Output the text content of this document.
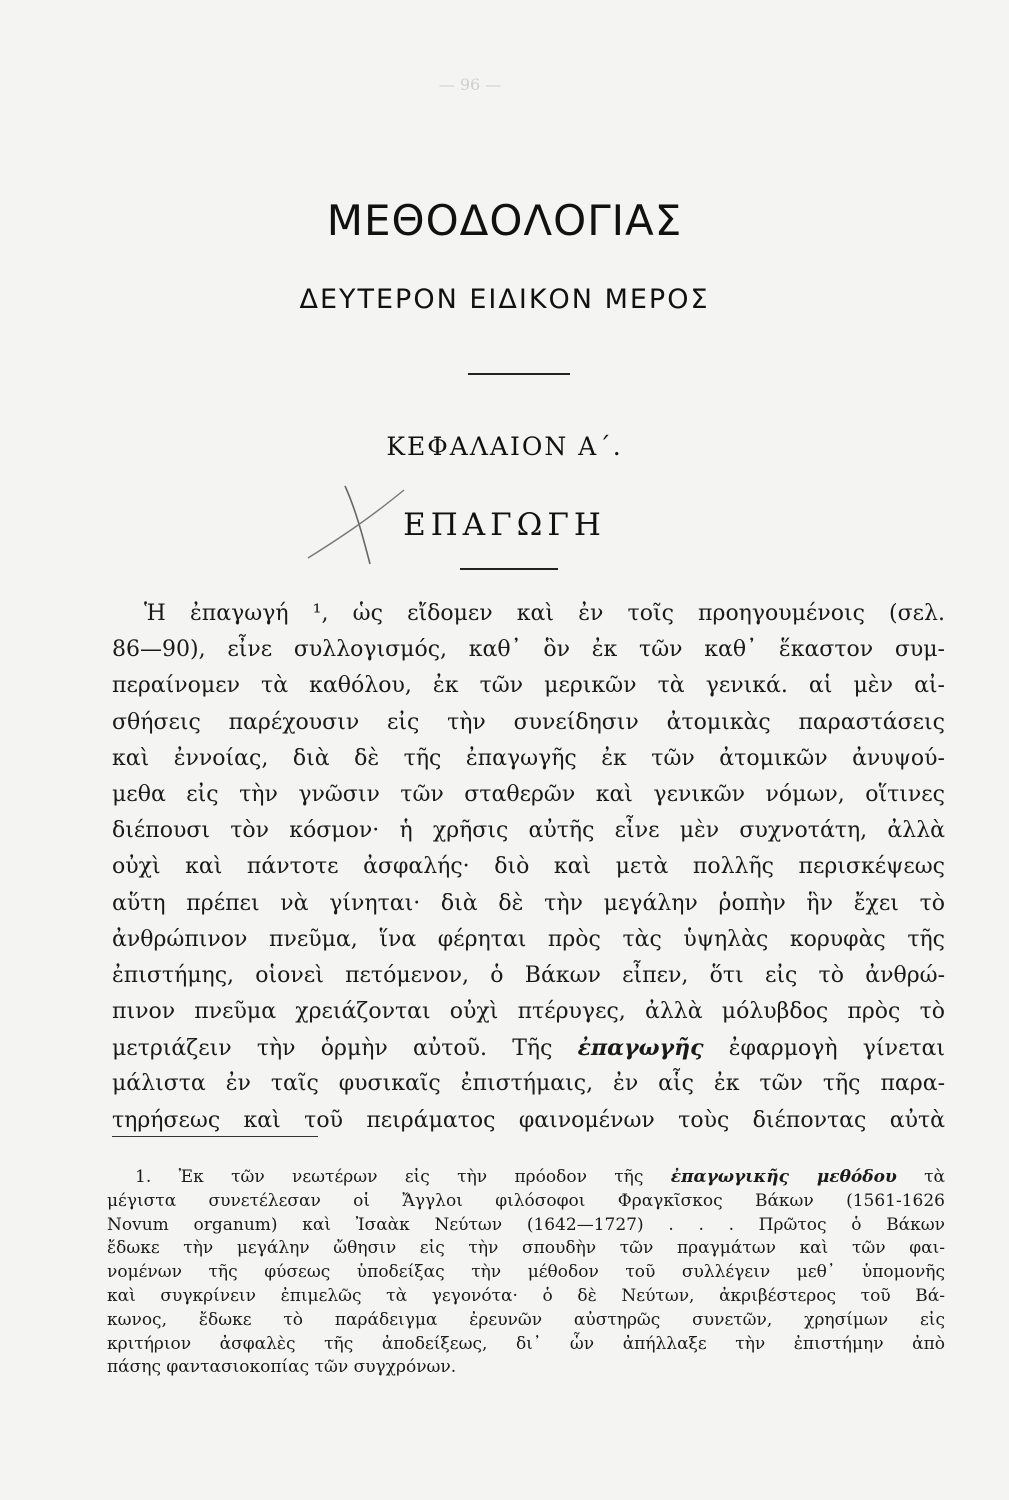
— 96 —
ΜΕΘΟΔΟΛΟΓΙΑΣ
ΔΕΥΤΕΡΟΝ ΕΙΔΙΚΟΝ ΜΕΡΟΣ
ΚΕΦΑΛΑΙΟΝ Α΄.
ΕΠΑΓΩΓΗ
Ἡ ἐπαγωγή ¹, ὡς εἴδομεν καὶ ἐν τοῖς προηγουμένοις (σελ.
86—90), εἶνε συλλογισμός, καθ᾿ ὃν ἐκ τῶν καθ᾿ ἕκαστον συμ-
περαίνομεν τὰ καθόλου, ἐκ τῶν μερικῶν τὰ γενικά. αἱ μὲν αἰ-
σθήσεις παρέχουσιν εἰς τὴν συνείδησιν ἀτομικὰς παραστάσεις
καὶ ἐννοίας, διὰ δὲ τῆς ἐπαγωγῆς ἐκ τῶν ἀτομικῶν ἀνυψού-
μεθα εἰς τὴν γνῶσιν τῶν σταθερῶν καὶ γενικῶν νόμων, οἵτινες
διέπουσι τὸν κόσμον· ἡ χρῆσις αὐτῆς εἶνε μὲν συχνοτάτη, ἀλλὰ
οὐχὶ καὶ πάντοτε ἀσφαλής· διὸ καὶ μετὰ πολλῆς περισκέψεως
αὕτη πρέπει νὰ γίνηται· διὰ δὲ τὴν μεγάλην ῥοπὴν ἣν ἔχει τὸ
ἀνθρώπινον πνεῦμα, ἵνα φέρηται πρὸς τὰς ὑψηλὰς κορυφὰς τῆς
ἐπιστήμης, οἱονεὶ πετόμενον, ὁ Βάκων εἶπεν, ὅτι εἰς τὸ ἀνθρώ-
πινον πνεῦμα χρειάζονται οὐχὶ πτέρυγες, ἀλλὰ μόλυβδος πρὸς τὸ
μετριάζειν τὴν ὁρμὴν αὐτοῦ. Τῆς ἐπαγωγῆς ἐφαρμογὴ γίνεται
μάλιστα ἐν ταῖς φυσικαῖς ἐπιστήμαις, ἐν αἷς ἐκ τῶν τῆς παρα-
τηρήσεως καὶ τοῦ πειράματος φαινομένων τοὺς διέποντας αὐτὰ
1. Ἐκ τῶν νεωτέρων εἰς τὴν πρόοδον τῆς ἐπαγωγικῆς μεθόδου τὰ
μέγιστα συνετέλεσαν οἱ Ἄγγλοι φιλόσοφοι Φραγκῖσκος Βάκων (1561-1626
Novum organum) καὶ Ἰσαὰκ Νεύτων (1642—1727) . . . Πρῶτος ὁ Βάκων
ἔδωκε τὴν μεγάλην ὤθησιν εἰς τὴν σπουδὴν τῶν πραγμάτων καὶ τῶν φαι-
νομένων τῆς φύσεως ὑποδείξας τὴν μέθοδον τοῦ συλλέγειν μεθ᾿ ὑπομονῆς
καὶ συγκρίνειν ἐπιμελῶς τὰ γεγονότα· ὁ δὲ Νεύτων, ἀκριβέστερος τοῦ Βά-
κωνος, ἔδωκε τὸ παράδειγμα ἐρευνῶν αὐστηρῶς συνετῶν, χρησίμων εἰς
κριτήριον ἀσφαλὲς τῆς ἀποδείξεως, δι᾿ ὧν ἀπήλλαξε τὴν ἐπιστήμην ἀπὸ
πάσης φαντασιοκοπίας τῶν συγχρόνων.
